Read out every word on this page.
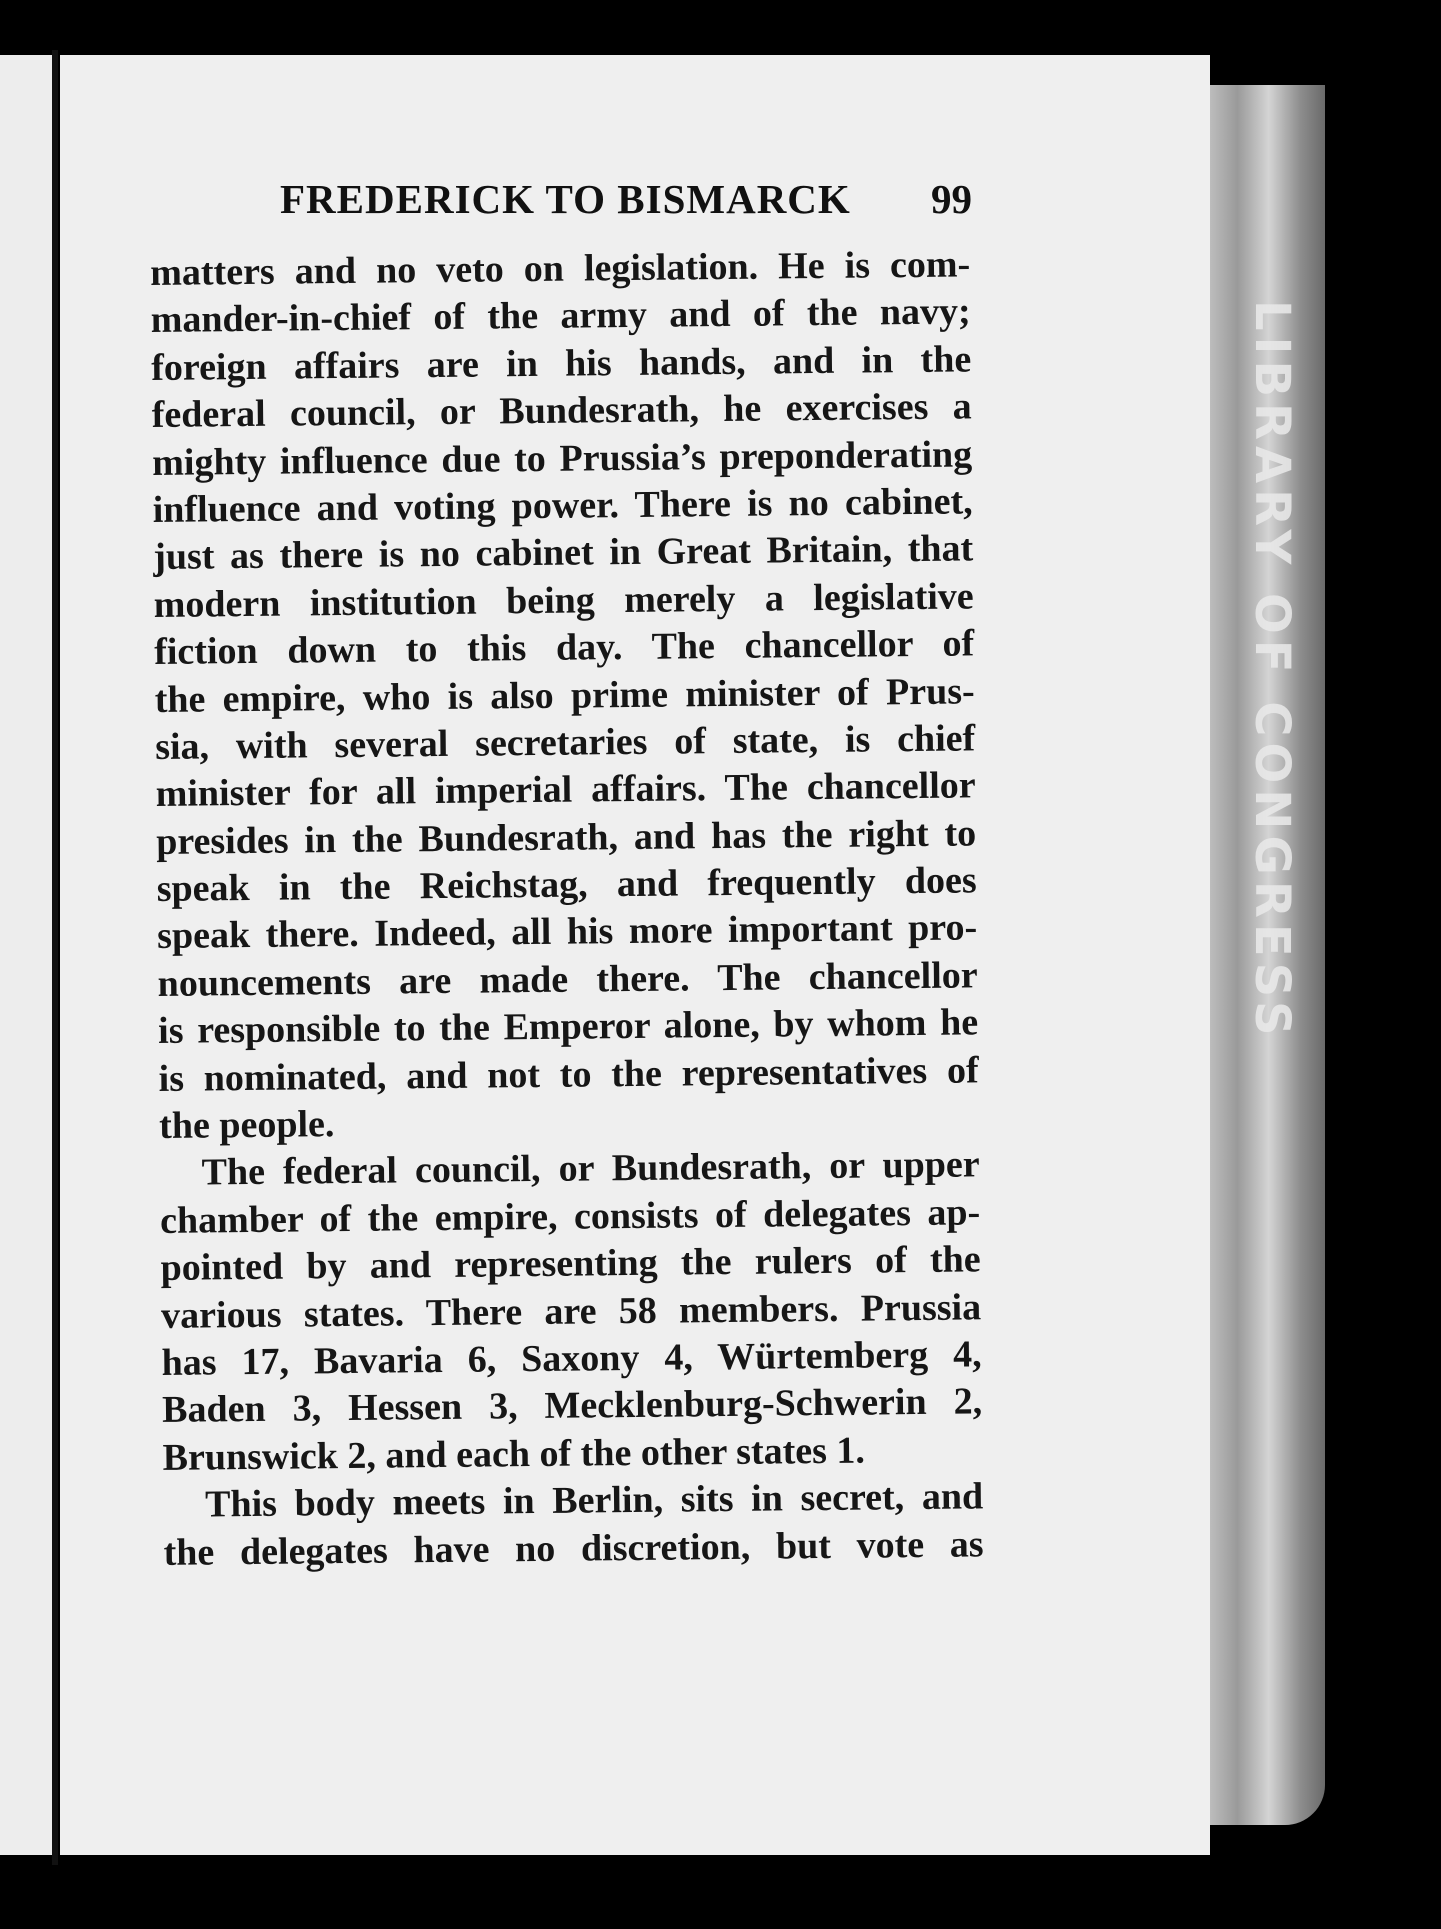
LIBRARY OF CONGRESS
FREDERICK TO BISMARCK 99
matters and no veto on legislation. He is com-
mander-in-chief of the army and of the navy;
foreign affairs are in his hands, and in the
federal council, or Bundesrath, he exercises a
mighty influence due to Prussia’s preponderating
influence and voting power. There is no cabinet,
just as there is no cabinet in Great Britain, that
modern institution being merely a legislative
fiction down to this day. The chancellor of
the empire, who is also prime minister of Prus-
sia, with several secretaries of state, is chief
minister for all imperial affairs. The chancellor
presides in the Bundesrath, and has the right to
speak in the Reichstag, and frequently does
speak there. Indeed, all his more important pro-
nouncements are made there. The chancellor
is responsible to the Emperor alone, by whom he
is nominated, and not to the representatives of
the people.
The federal council, or Bundesrath, or upper
chamber of the empire, consists of delegates ap-
pointed by and representing the rulers of the
various states. There are 58 members. Prussia
has 17, Bavaria 6, Saxony 4, Würtemberg 4,
Baden 3, Hessen 3, Mecklenburg-Schwerin 2,
Brunswick 2, and each of the other states 1.
This body meets in Berlin, sits in secret, and
the delegates have no discretion, but vote as
